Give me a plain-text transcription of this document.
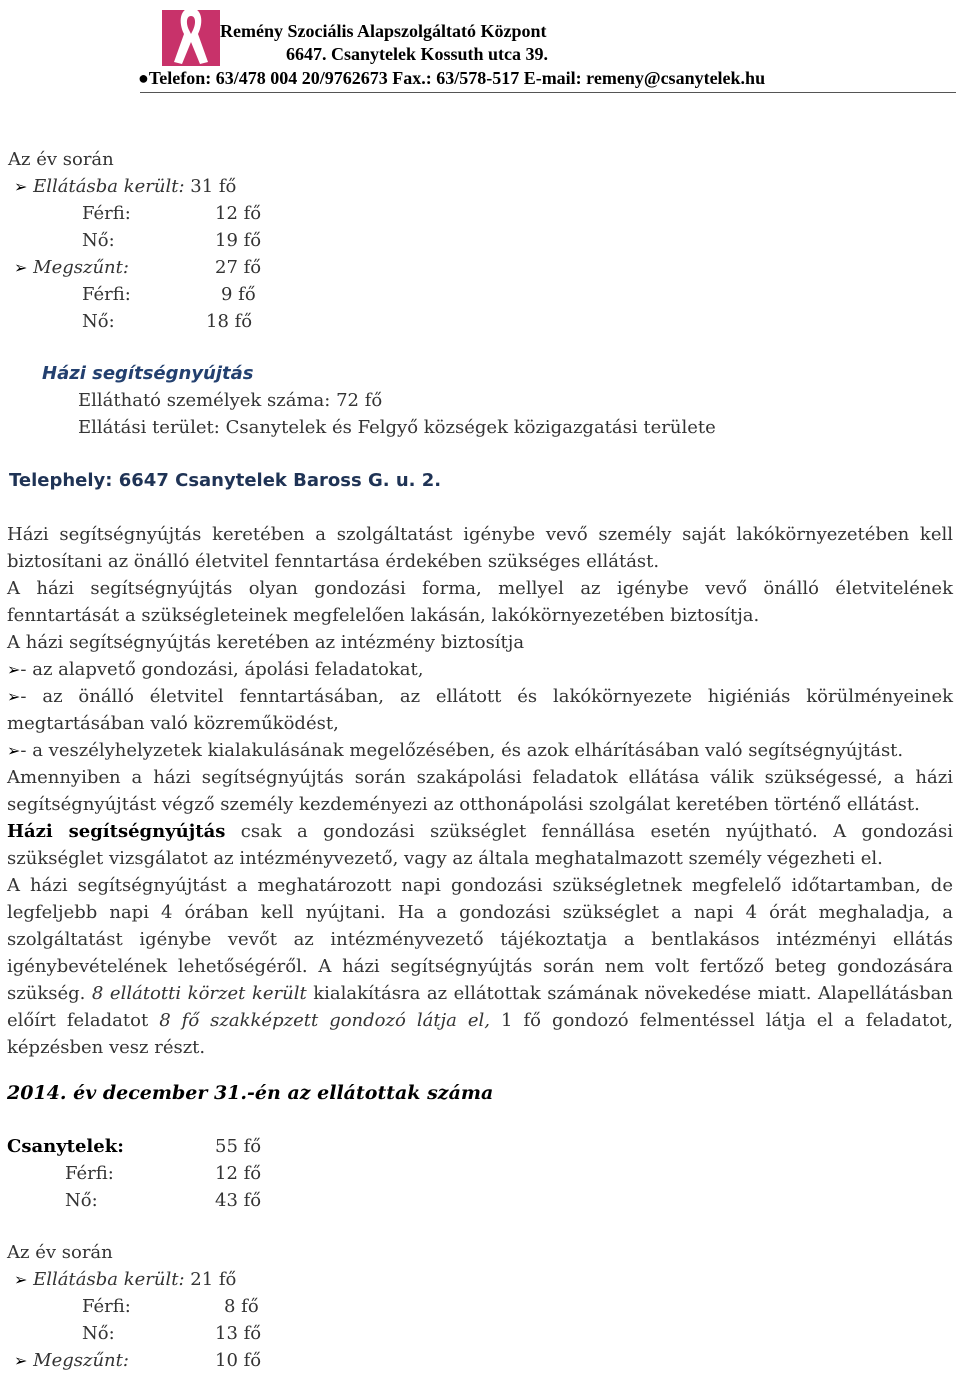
Remény Szociális Alapszolgáltató Központ
6647. Csanytelek Kossuth utca 39.
●Telefon: 63/478 004 20/9762673 Fax.: 63/578-517 E-mail: remeny@csanytelek.hu
Az év során
➢ Ellátásba került: 31 fő
Férfi:	12 fő
Nő:	19 fő
➢ Megszűnt:	27 fő
Férfi:	9 fő
Nő:	18 fő
Házi segítségnyújtás
Ellátható személyek száma: 72 fő
Ellátási terület: Csanytelek és Felgyő községek közigazgatási területe
Telephely: 6647 Csanytelek Baross G. u. 2.

Házi segítségnyújtás keretében a szolgáltatást igénybe vevő személy saját lakókörnyezetében kell biztosítani az önálló életvitel fenntartása érdekében szükséges ellátást.

A házi segítségnyújtás olyan gondozási forma, mellyel az igénybe vevő önálló életvitelének fenntartását a szükségleteinek megfelelően lakásán, lakókörnyezetében biztosítja.

A házi segítségnyújtás keretében az intézmény biztosítja

➢- az alapvető gondozási, ápolási feladatokat,

➢- az önálló életvitel fenntartásában, az ellátott és lakókörnyezete higiéniás körülményeinek megtartásában való közreműködést,

➢- a veszélyhelyzetek kialakulásának megelőzésében, és azok elhárításában való segítségnyújtást.

Amennyiben a házi segítségnyújtás során szakápolási feladatok ellátása válik szükségessé, a házi segítségnyújtást végző személy kezdeményezi az otthonápolási szolgálat keretében történő ellátást.

Házi segítségnyújtás csak a gondozási szükséglet fennállása esetén nyújtható. A gondozási szükséglet vizsgálatot az intézményvezető, vagy az általa meghatalmazott személy végezheti el.

A házi segítségnyújtást a meghatározott napi gondozási szükségletnek megfelelő időtartamban, de legfeljebb napi 4 órában kell nyújtani. Ha a gondozási szükséglet a napi 4 órát meghaladja, a szolgáltatást igénybe vevőt az intézményvezető tájékoztatja a bentlakásos intézményi ellátás igénybevételének lehetőségéről. A házi segítségnyújtás során nem volt fertőző beteg gondozására szükség. 8 ellátotti körzet került kialakításra az ellátottak számának növekedése miatt. Alapellátásban előírt feladatot 8 fő szakképzett gondozó látja el, 1 fő gondozó felmentéssel látja el a feladatot, képzésben vesz részt.

2014. év december 31.-én az ellátottak száma
Csanytelek:	55 fő
Férfi:	12 fő
Nő:	43 fő
Az év során
➢ Ellátásba került: 21 fő
Férfi:	8 fő
Nő:	13 fő
➢ Megszűnt:	10 fő
